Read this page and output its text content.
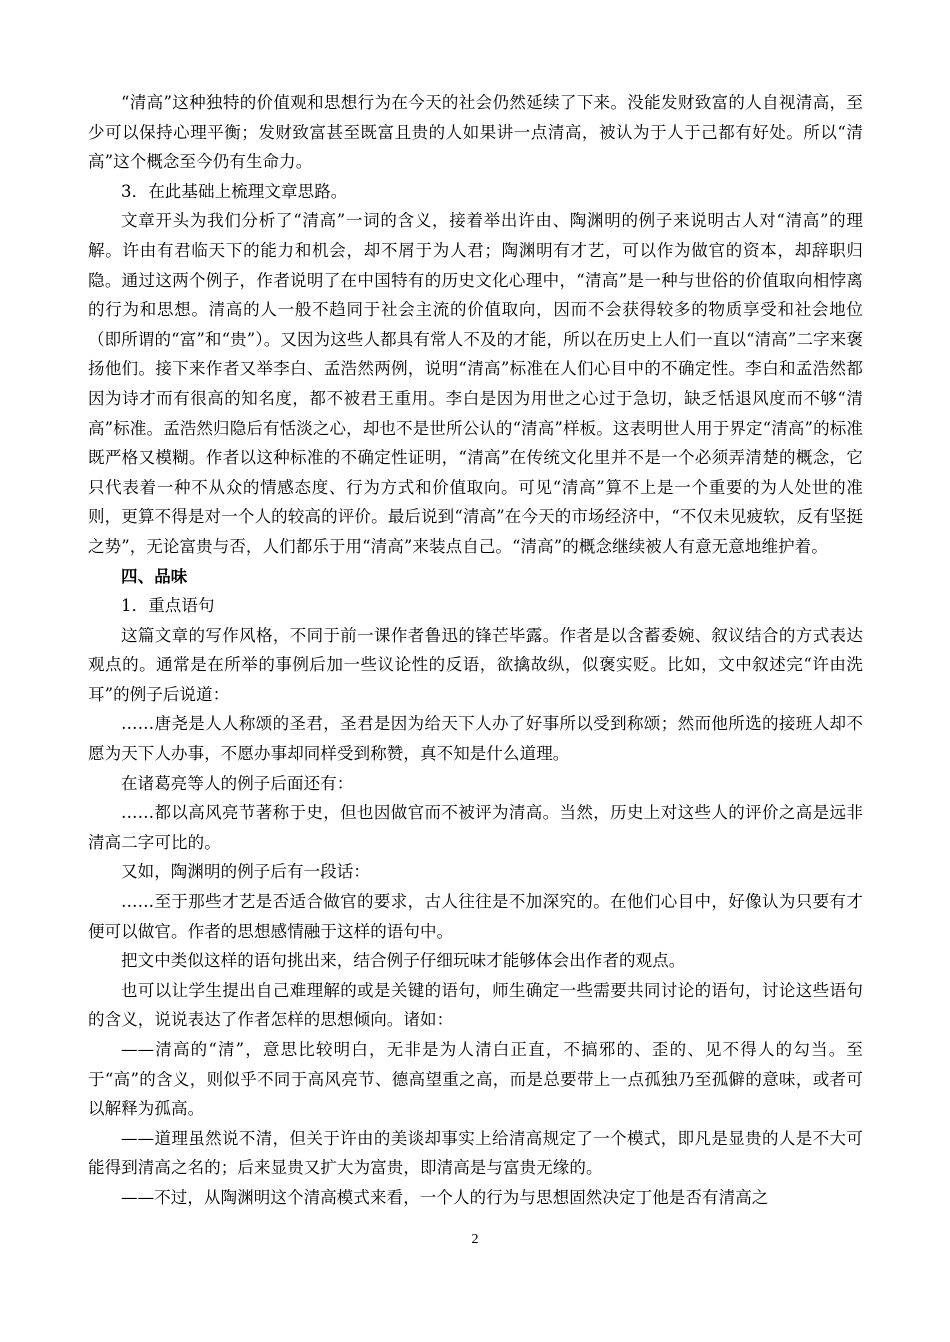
“清高”这种独特的价值观和思想行为在今天的社会仍然延续了下来。没能发财致富的人自视清高，至少可以保持心理平衡；发财致富甚至既富且贵的人如果讲一点清高，被认为于人于己都有好处。所以“清高”这个概念至今仍有生命力。

3．在此基础上梳理文章思路。

文章开头为我们分析了“清高”一词的含义，接着举出许由、陶渊明的例子来说明古人对“清高”的理解。许由有君临天下的能力和机会，却不屑于为人君；陶渊明有才艺，可以作为做官的资本，却辞职归隐。通过这两个例子，作者说明了在中国特有的历史文化心理中，“清高”是一种与世俗的价值取向相悖离的行为和思想。清高的人一般不趋同于社会主流的价值取向，因而不会获得较多的物质享受和社会地位（即所谓的“富”和“贵”）。又因为这些人都具有常人不及的才能，所以在历史上人们一直以“清高”二字来褒扬他们。接下来作者又举李白、孟浩然两例，说明“清高”标准在人们心目中的不确定性。李白和孟浩然都因为诗才而有很高的知名度，都不被君王重用。李白是因为用世之心过于急切，缺乏恬退风度而不够“清高”标准。孟浩然归隐后有恬淡之心，却也不是世所公认的“清高”样板。这表明世人用于界定“清高”的标准既严格又模糊。作者以这种标准的不确定性证明，“清高”在传统文化里并不是一个必须弄清楚的概念，它只代表着一种不从众的情感态度、行为方式和价值取向。可见“清高”算不上是一个重要的为人处世的准则，更算不得是对一个人的较高的评价。最后说到“清高”在今天的市场经济中，“不仅未见疲软，反有坚挺之势”，无论富贵与否，人们都乐于用“清高”来装点自己。“清高”的概念继续被人有意无意地维护着。

四、品味

1．重点语句

这篇文章的写作风格，不同于前一课作者鲁迅的锋芒毕露。作者是以含蓄委婉、叙议结合的方式表达观点的。通常是在所举的事例后加一些议论性的反语，欲擒故纵，似褒实贬。比如，文中叙述完“许由洗耳”的例子后说道：

……唐尧是人人称颂的圣君，圣君是因为给天下人办了好事所以受到称颂；然而他所选的接班人却不愿为天下人办事，不愿办事却同样受到称赞，真不知是什么道理。

在诸葛亮等人的例子后面还有：

……都以高风亮节著称于史，但也因做官而不被评为清高。当然，历史上对这些人的评价之高是远非清高二字可比的。

又如，陶渊明的例子后有一段话：

……至于那些才艺是否适合做官的要求，古人往往是不加深究的。在他们心目中，好像认为只要有才便可以做官。作者的思想感情融于这样的语句中。

把文中类似这样的语句挑出来，结合例子仔细玩味才能够体会出作者的观点。

也可以让学生提出自己难理解的或是关键的语句，师生确定一些需要共同讨论的语句，讨论这些语句的含义，说说表达了作者怎样的思想倾向。诸如：

——清高的“清”，意思比较明白，无非是为人清白正直，不搞邪的、歪的、见不得人的勾当。至于“高”的含义，则似乎不同于高风亮节、德高望重之高，而是总要带上一点孤独乃至孤僻的意味，或者可以解释为孤高。

——道理虽然说不清，但关于许由的美谈却事实上给清高规定了一个模式，即凡是显贵的人是不大可能得到清高之名的；后来显贵又扩大为富贵，即清高是与富贵无缘的。

——不过，从陶渊明这个清高模式来看，一个人的行为与思想固然决定丁他是否有清高之

2
